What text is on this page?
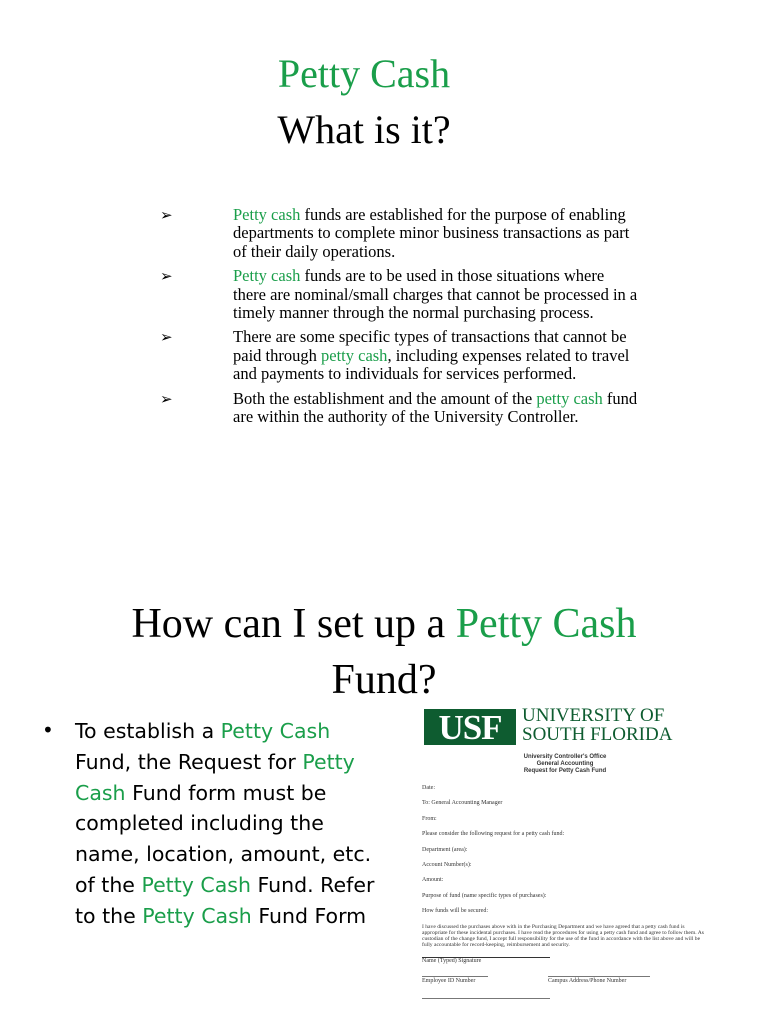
Petty Cash
What is it?
➢	Petty cash funds are established for the purpose of enabling departments to complete minor business transactions as part of their daily operations.
➢	Petty cash funds are to be used in those situations where there are nominal/small charges that cannot be processed in a timely manner through the normal purchasing process.
➢	There are some specific types of transactions that cannot be paid through petty cash, including expenses related to travel and payments to individuals for services performed.
➢	Both the establishment and the amount of the petty cash fund are within the authority of the University Controller.
How can I set up a Petty Cash
Fund?
• To establish a Petty Cash Fund, the Request for Petty Cash Fund form must be completed including the name, location, amount, etc. of the Petty Cash Fund. Refer to the Petty Cash Fund Form
USF	UNIVERSITY OF
SOUTH FLORIDA
University Controller's Office
General Accounting
Request for Petty Cash Fund
Date:
To: General Accounting Manager
From:
Please consider the following request for a petty cash fund:
Department (area):
Account Number(s):
Amount:
Purpose of fund (name specific types of purchases):
How funds will be secured:
I have discussed the purchases above with in the Purchasing Department and we have agreed that a petty cash fund is appropriate for these incidental purchases. I have read the procedures for using a petty cash fund and agree to follow them. As custodian of the change fund, I accept full responsibility for the use of the fund in accordance with the list above and will be fully accountable for record-keeping, reimbursement and security.
Name (Typed) Signature
Employee ID Number	Campus Address/Phone Number
